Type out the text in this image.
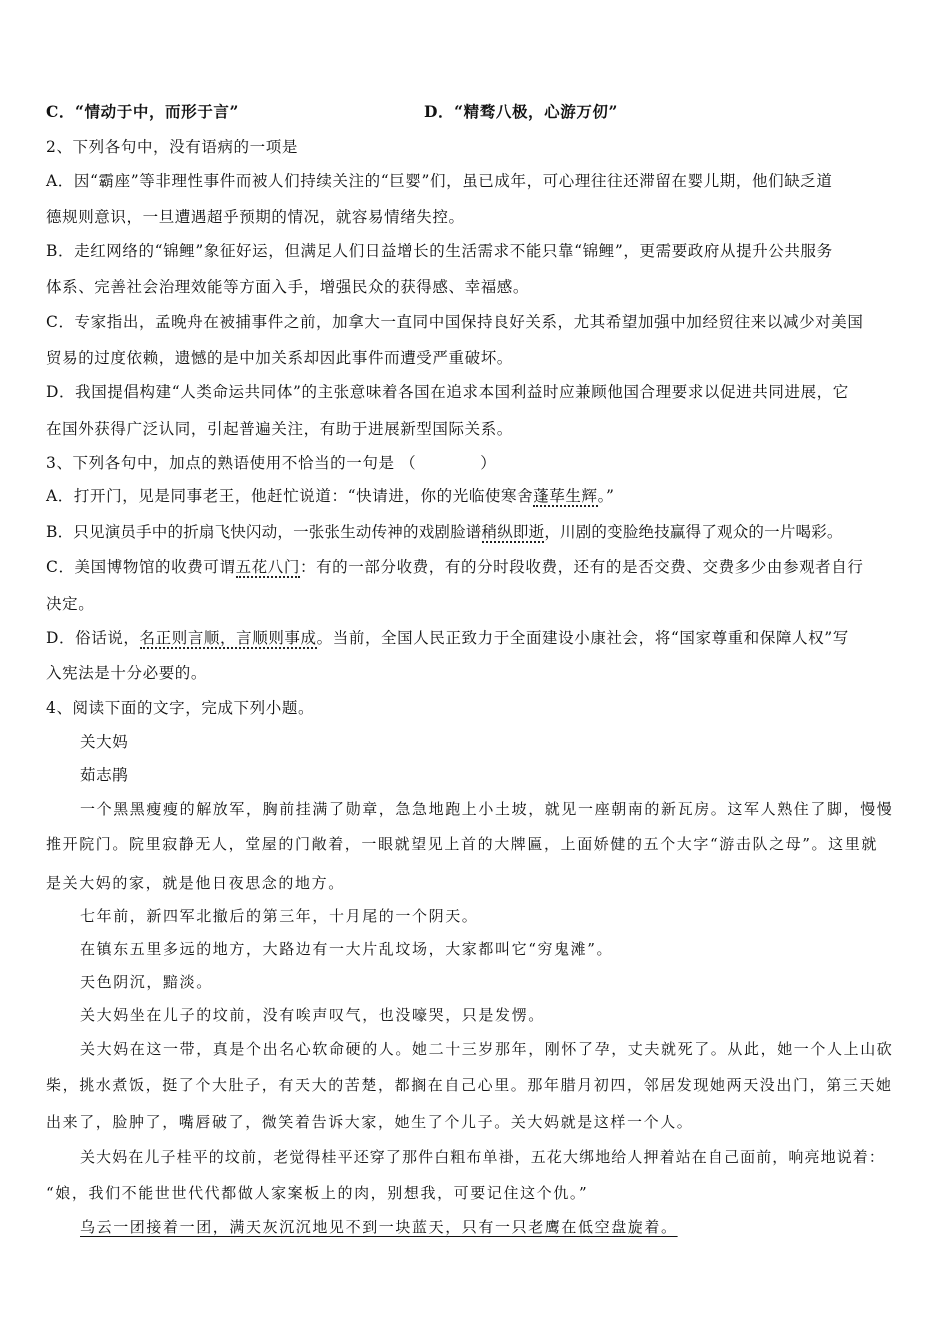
C．“情动于中，而形于言”	D．“精骛八极，心游万仞”
2、下列各句中，没有语病的一项是
A．因“霸座”等非理性事件而被人们持续关注的“巨婴”们，虽已成年，可心理往往还滞留在婴儿期，他们缺乏道
德规则意识，一旦遭遇超乎预期的情况，就容易情绪失控。
B．走红网络的“锦鲤”象征好运，但满足人们日益增长的生活需求不能只靠“锦鲤”，更需要政府从提升公共服务
体系、完善社会治理效能等方面入手，增强民众的获得感、幸福感。
C．专家指出，孟晚舟在被捕事件之前，加拿大一直同中国保持良好关系，尤其希望加强中加经贸往来以减少对美国
贸易的过度依赖，遗憾的是中加关系却因此事件而遭受严重破坏。
D．我国提倡构建“人类命运共同体”的主张意味着各国在追求本国利益时应兼顾他国合理要求以促进共同进展，它
在国外获得广泛认同，引起普遍关注，有助于进展新型国际关系。
3、下列各句中，加点的熟语使用不恰当的一句是 （	）
A．打开门，见是同事老王，他赶忙说道：“快请进，你的光临使寒舍蓬荜生辉。”
B．只见演员手中的折扇飞快闪动，一张张生动传神的戏剧脸谱稍纵即逝，川剧的变脸绝技赢得了观众的一片喝彩。
C．美国博物馆的收费可谓五花八门：有的一部分收费，有的分时段收费，还有的是否交费、交费多少由参观者自行
决定。
D．俗话说，名正则言顺，言顺则事成。当前，全国人民正致力于全面建设小康社会，将“国家尊重和保障人权”写
入宪法是十分必要的。
4、阅读下面的文字，完成下列小题。
关大妈
茹志鹃
一个黑黑瘦瘦的解放军，胸前挂满了勋章，急急地跑上小土坡，就见一座朝南的新瓦房。这军人熟住了脚，慢慢
推开院门。院里寂静无人，堂屋的门敞着，一眼就望见上首的大牌匾，上面娇健的五个大字“游击队之母”。这里就
是关大妈的家，就是他日夜思念的地方。
七年前，新四军北撤后的第三年，十月尾的一个阴天。
在镇东五里多远的地方，大路边有一大片乱坟场，大家都叫它“穷鬼滩”。
天色阴沉，黯淡。
关大妈坐在儿子的坟前，没有唉声叹气，也没嚎哭，只是发愣。
关大妈在这一带，真是个出名心软命硬的人。她二十三岁那年，刚怀了孕，丈夫就死了。从此，她一个人上山砍
柴，挑水煮饭，挺了个大肚子，有天大的苦楚，都搁在自己心里。那年腊月初四，邻居发现她两天没出门，第三天她
出来了，脸肿了，嘴唇破了，微笑着告诉大家，她生了个儿子。关大妈就是这样一个人。
关大妈在儿子桂平的坟前，老觉得桂平还穿了那件白粗布单褂，五花大绑地给人押着站在自己面前，响亮地说着：
“娘，我们不能世世代代都做人家案板上的肉，别想我，可要记住这个仇。”
乌云一团接着一团，满天灰沉沉地见不到一块蓝天，只有一只老鹰在低空盘旋着。
